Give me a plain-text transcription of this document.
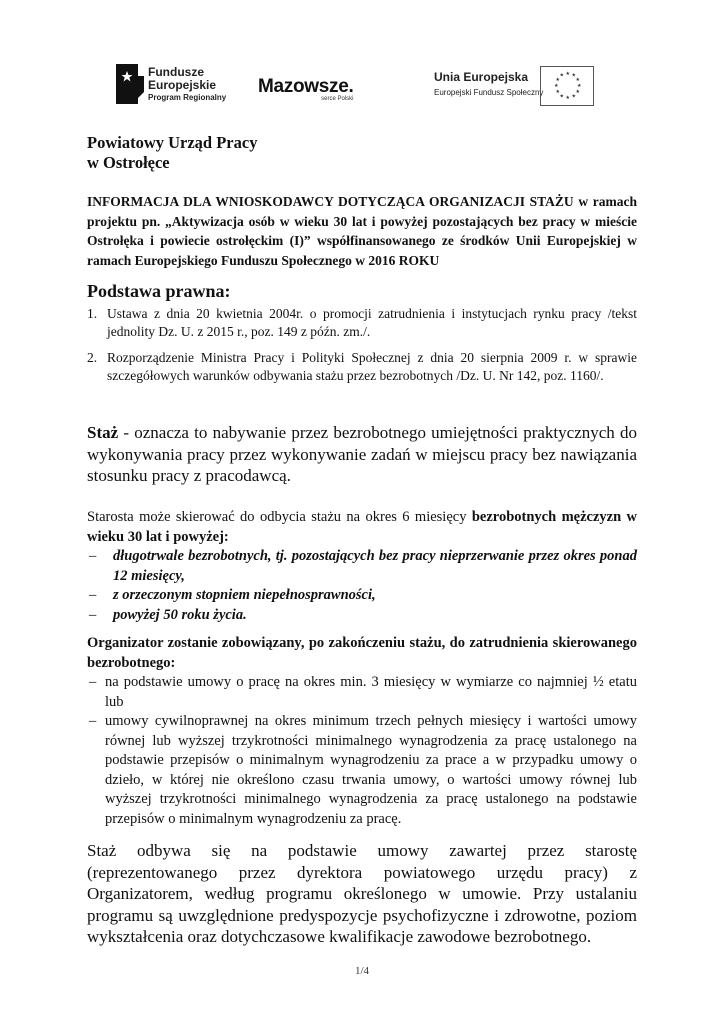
Fundusze
Europejskie
Program Regionalny
Mazowsze.
serce Polski
Unia Europejska
Europejski Fundusz Społeczny
★ ★
★
★
★
★
★
★
★
★
★
★
Powiatowy Urząd Pracy
w Ostrołęce
INFORMACJA DLA WNIOSKODAWCY DOTYCZĄCA ORGANIZACJI STAŻU w ramach projektu pn. „Aktywizacja osób w wieku 30 lat i powyżej pozostających bez pracy w mieście Ostrołęka i powiecie ostrołęckim (I)” współfinansowanego ze środków Unii Europejskiej w ramach Europejskiego Funduszu Społecznego w 2016 ROKU
Podstawa prawna:
1. Ustawa z dnia 20 kwietnia 2004r. o promocji zatrudnienia i instytucjach rynku pracy /tekst jednolity Dz. U. z 2015 r., poz. 149 z późn. zm./.
2. Rozporządzenie Ministra Pracy i Polityki Społecznej z dnia 20 sierpnia 2009 r. w sprawie szczegółowych warunków odbywania stażu przez bezrobotnych /Dz. U. Nr 142, poz. 1160/.

Staż - oznacza to nabywanie przez bezrobotnego umiejętności praktycznych do wykonywania pracy przez wykonywanie zadań w miejscu pracy bez nawiązania stosunku pracy z pracodawcą.

Starosta może skierować do odbycia stażu na okres 6 miesięcy bezrobotnych mężczyzn w wieku 30 lat i powyżej:

– długotrwale bezrobotnych, tj. pozostających bez pracy nieprzerwanie przez okres ponad 12 miesięcy,
– z orzeczonym stopniem niepełnosprawności,
– powyżej 50 roku życia.

Organizator zostanie zobowiązany, po zakończeniu stażu, do zatrudnienia skierowanego bezrobotnego:

– na podstawie umowy o pracę na okres min. 3 miesięcy w wymiarze co najmniej ½ etatu lub
– umowy cywilnoprawnej na okres minimum trzech pełnych miesięcy i wartości umowy równej lub wyższej trzykrotności minimalnego wynagrodzenia za pracę ustalonego na podstawie przepisów o minimalnym wynagrodzeniu za prace a w przypadku umowy o dzieło, w której nie określono czasu trwania umowy, o wartości umowy równej lub wyższej trzykrotności minimalnego wynagrodzenia za pracę ustalonego na podstawie przepisów o minimalnym wynagrodzeniu za pracę.

Staż odbywa się na podstawie umowy zawartej przez starostę (reprezentowanego przez dyrektora powiatowego urzędu pracy) z Organizatorem, według programu określonego w umowie. Przy ustalaniu programu są uwzględnione predyspozycje psychofizyczne i zdrowotne, poziom wykształcenia oraz dotychczasowe kwalifikacje zawodowe bezrobotnego.

1/4
